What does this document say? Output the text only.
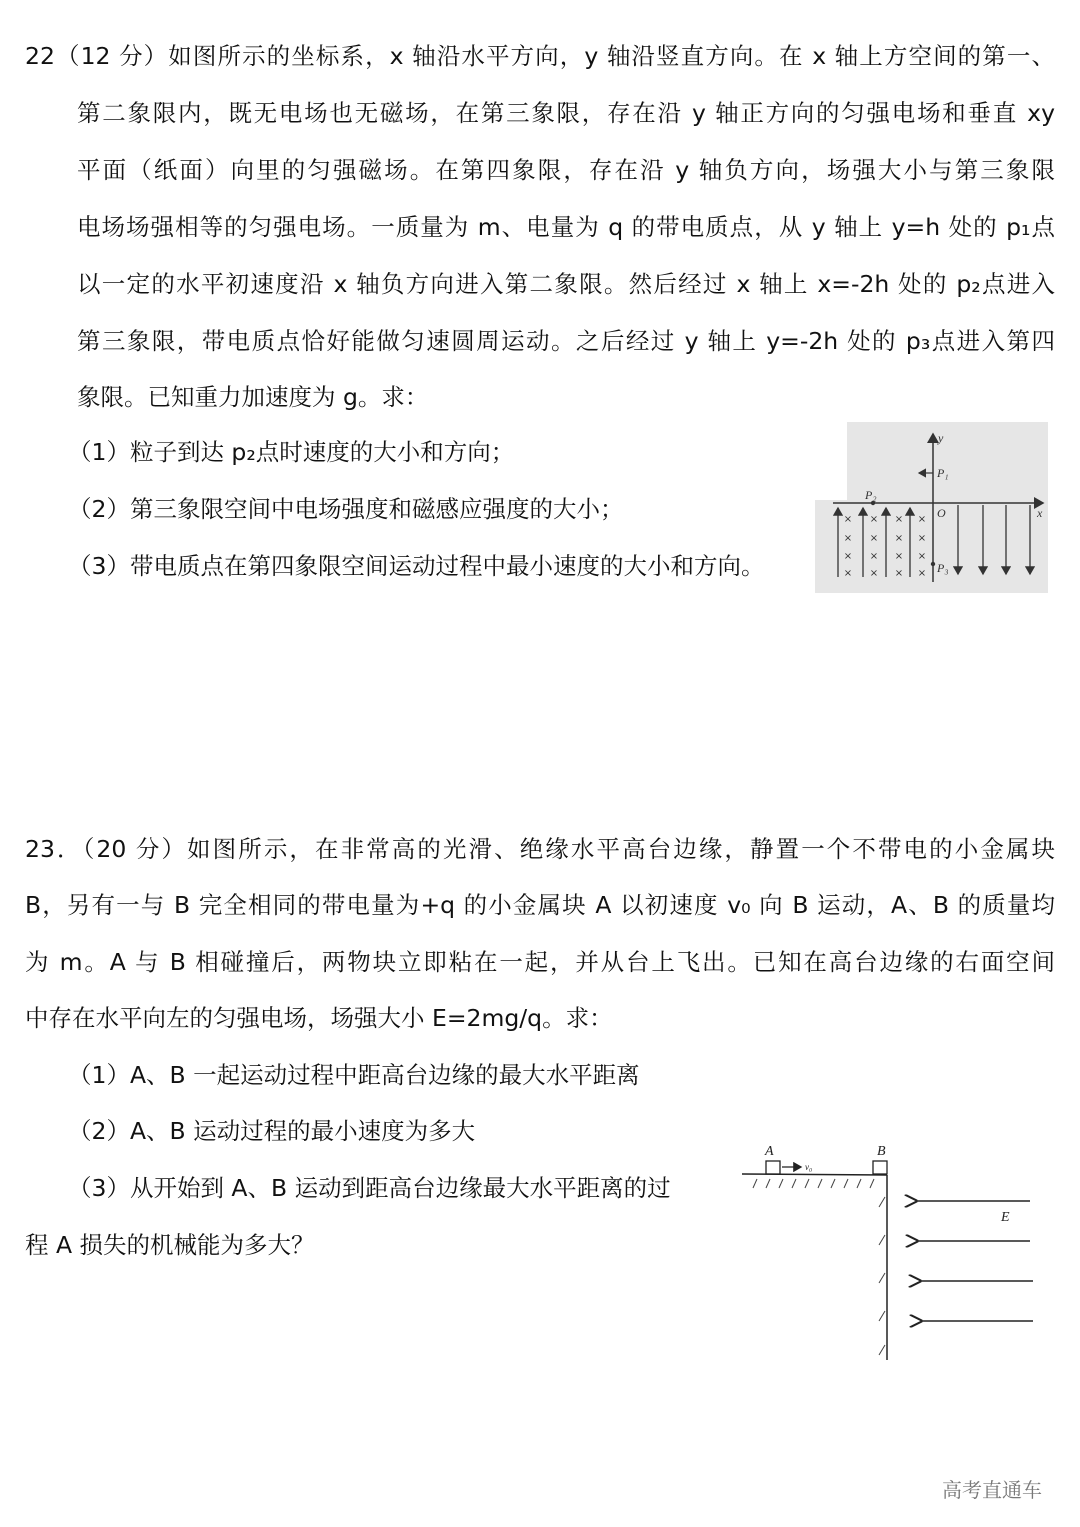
22（12 分）如图所示的坐标系，x 轴沿水平方向，y 轴沿竖直方向。在 x 轴上方空间的第一、
第二象限内，既无电场也无磁场，在第三象限，存在沿 y 轴正方向的匀强电场和垂直 xy
平面（纸面）向里的匀强磁场。在第四象限，存在沿 y 轴负方向，场强大小与第三象限
电场场强相等的匀强电场。一质量为 m、电量为 q 的带电质点，从 y 轴上 y=h 处的 p₁点
以一定的水平初速度沿 x 轴负方向进入第二象限。然后经过 x 轴上 x=-2h 处的 p₂点进入
第三象限，带电质点恰好能做匀速圆周运动。之后经过 y 轴上 y=-2h 处的 p₃点进入第四
象限。已知重力加速度为 g。求：
（1）粒子到达 p₂点时速度的大小和方向；
（2）第三象限空间中电场强度和磁感应强度的大小；
（3）带电质点在第四象限空间运动过程中最小速度的大小和方向。
× × × ×
× × × ×
× × × ×
× × × ×
y
x
O
P₁
P₂
P₃
23．（20 分）如图所示，在非常高的光滑、绝缘水平高台边缘，静置一个不带电的小金属块
B，另有一与 B 完全相同的带电量为+q 的小金属块 A 以初速度 v₀ 向 B 运动，A、B 的质量均
为 m。A 与 B 相碰撞后，两物块立即粘在一起，并从台上飞出。已知在高台边缘的右面空间
中存在水平向左的匀强电场，场强大小 E=2mg/q。求：
（1）A、B 一起运动过程中距高台边缘的最大水平距离
（2）A、B 运动过程的最小速度为多大
（3）从开始到 A、B 运动到距高台边缘最大水平距离的过
程 A 损失的机械能为多大？
A	B
v₀
E
高考直通车
